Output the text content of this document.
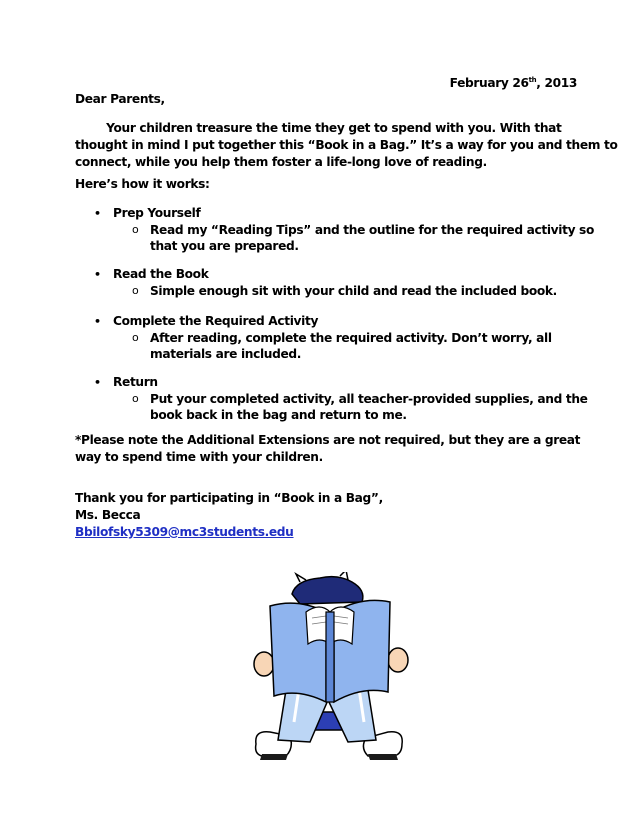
February 26th, 2013
Dear Parents,
Your children treasure the time they get to spend with you. With that
thought in mind I put together this “Book in a Bag.” It’s a way for you and them to
connect, while you help them foster a life-long love of reading.
Here’s how it works:
• Prep Yourself
o Read my “Reading Tips” and the outline for the required activity so
that you are prepared.
• Read the Book
o Simple enough sit with your child and read the included book.
• Complete the Required Activity
o After reading, complete the required activity. Don’t worry, all
materials are included.
• Return
o Put your completed activity, all teacher-provided supplies, and the
book back in the bag and return to me.
*Please note the Additional Extensions are not required, but they are a great
way to spend time with your children.
Thank you for participating in “Book in a Bag”,
Ms. Becca
Bbilofsky5309@mc3students.edu
